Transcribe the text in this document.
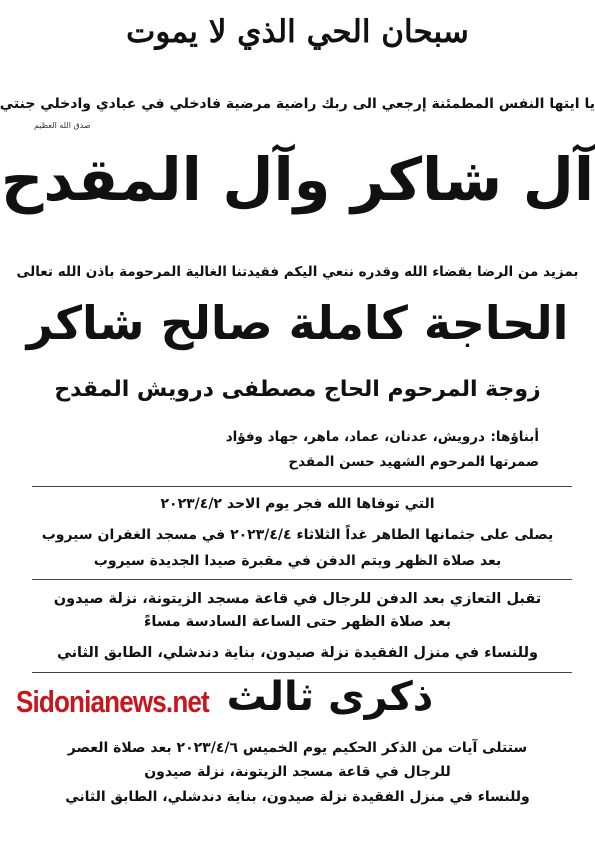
سبحان الحي الذي لا يموت
يا ايتها النفس المطمئنة إرجعي الى ربك راضية مرضية فادخلي في عبادي وادخلي جنتي
صدق الله العظيم
آل شاكر وآل المقدح
بمزيد من الرضا بقضاء الله وقدره ننعي اليكم فقيدتنا الغالية المرحومة باذن الله تعالى
الحاجة كاملة صالح شاكر
زوجة المرحوم الحاج مصطفى درويش المقدح
أبناؤها:
درويش، عدنان، عماد، ماهر، جهاد وفؤاد
صمرتها :
المرحوم الشهيد حسن المقدح
التي توفاها الله فجر يوم الاحد ٢٠٢٣/٤/٢
يصلى على جثمانها الطاهر غداً الثلاثاء ٢٠٢٣/٤/٤ في مسجد الغفران سيروب
بعد صلاة الظهر ويتم الدفن في مقبرة صيدا الجديدة سيروب
تقبل التعازي بعد الدفن للرجال في قاعة مسجد الزيتونة، نزلة صيدون
بعد صلاة الظهر حتى الساعة السادسة مساءً
وللنساء في منزل الفقيدة نزلة صيدون، بناية دندشلي، الطابق الثاني
Sidonianews.net ذكرى ثالث
ستتلى آيات من الذكر الحكيم يوم الخميس ٢٠٢٣/٤/٦ بعد صلاة العصر
للرجال في قاعة مسجد الزيتونة، نزلة صيدون
وللنساء في منزل الفقيدة نزلة صيدون، بناية دندشلي، الطابق الثاني
